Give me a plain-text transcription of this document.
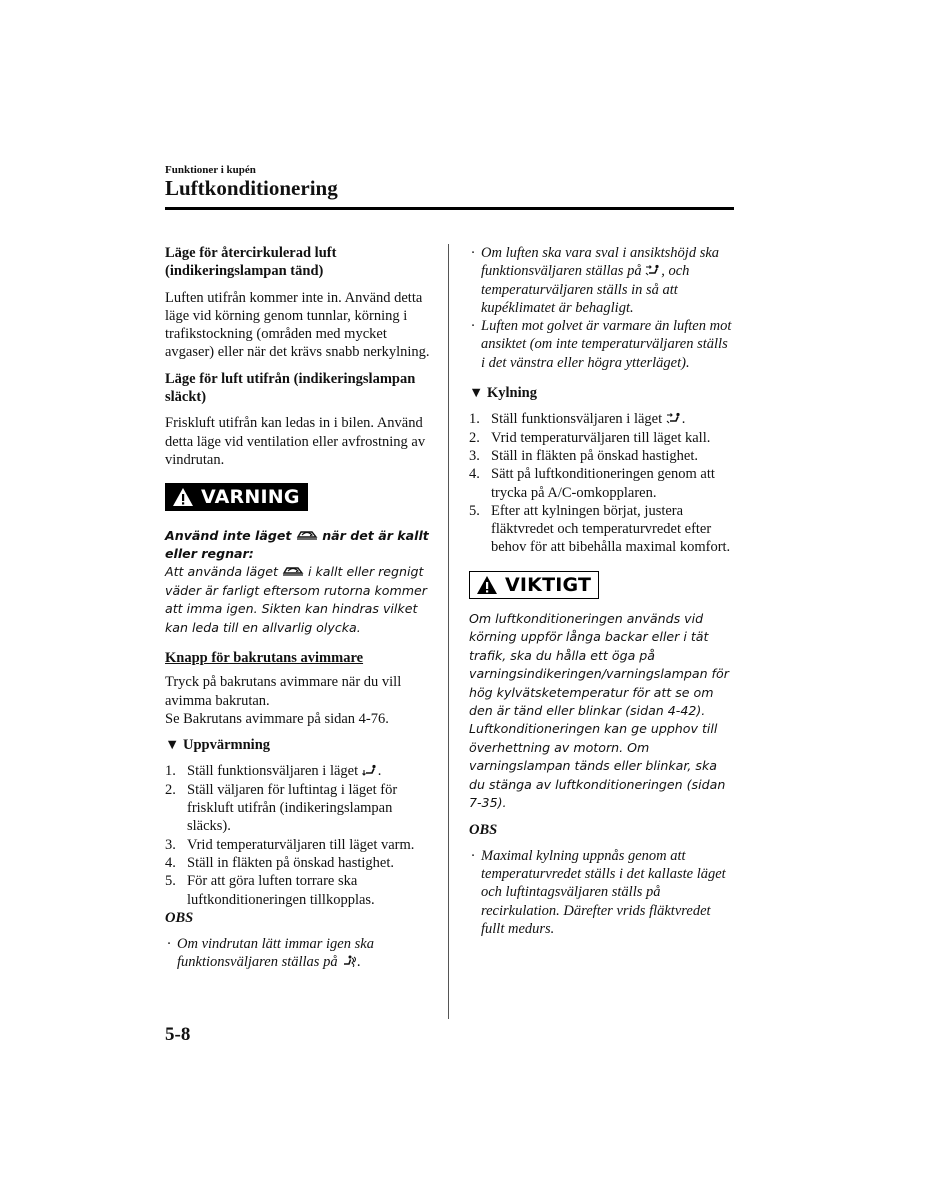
Funktioner i kupén
Luftkonditionering

Läge för återcirkulerad luft (indikeringslampan tänd)

Luften utifrån kommer inte in. Använd detta läge vid körning genom tunnlar, körning i trafikstockning (områden med mycket avgaser) eller när det krävs snabb nerkylning.

Läge för luft utifrån (indikeringslampan släckt)

Friskluft utifrån kan ledas in i bilen. Använd detta läge vid ventilation eller avfrostning av vindrutan.

VARNING

Använd inte läget när det är kallt eller regnar:

Att använda läget i kallt eller regnigt väder är farligt eftersom rutorna kommer att imma igen. Sikten kan hindras vilket kan leda till en allvarlig olycka.

Knapp för bakrutans avimmare

Tryck på bakrutans avimmare när du vill avimma bakrutan.

Se Bakrutans avimmare på sidan 4-76.

▼ Uppvärmning

1. Ställ funktionsväljaren i läget .
2. Ställ väljaren för luftintag i läget för friskluft utifrån (indikeringslampan släcks).
3. Vrid temperaturväljaren till läget varm.
4. Ställ in fläkten på önskad hastighet.
5. För att göra luften torrare ska luftkonditioneringen tillkopplas.

OBS

· Om vindrutan lätt immar igen ska funktionsväljaren ställas på .

· Om luften ska vara sval i ansiktshöjd ska funktionsväljaren ställas på , och temperaturväljaren ställs in så att kupéklimatet är behagligt.

· Luften mot golvet är varmare än luften mot ansiktet (om inte temperaturväljaren ställs i det vänstra eller högra ytterläget).

▼ Kylning

1. Ställ funktionsväljaren i läget .
2. Vrid temperaturväljaren till läget kall.
3. Ställ in fläkten på önskad hastighet.
4. Sätt på luftkonditioneringen genom att trycka på A/C-omkopplaren.
5. Efter att kylningen börjat, justera fläktvredet och temperaturvredet efter behov för att bibehålla maximal komfort.
VIKTIGT

Om luftkonditioneringen används vid körning uppför långa backar eller i tät trafik, ska du hålla ett öga på varningsindikeringen/varningslampan för hög kylvätsketemperatur för att se om den är tänd eller blinkar (sidan 4-42). Luftkonditioneringen kan ge upphov till överhettning av motorn. Om varningslampan tänds eller blinkar, ska du stänga av luftkonditioneringen (sidan 7-35).

OBS

· Maximal kylning uppnås genom att temperaturvredet ställs i det kallaste läget och luftintagsväljaren ställs på recirkulation. Därefter vrids fläktvredet fullt medurs.

5-8
